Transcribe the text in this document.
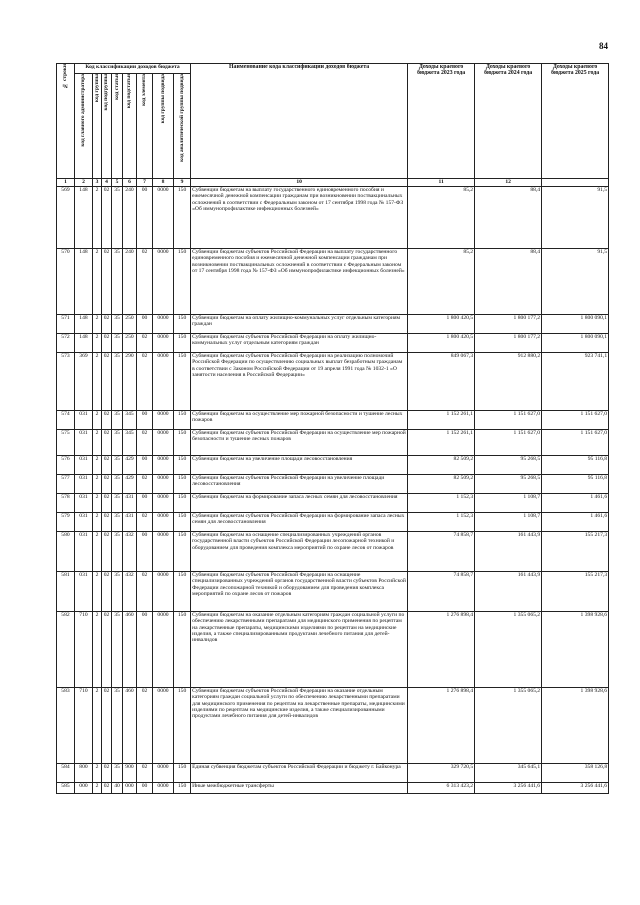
84
№ строки	Код классификации доходов бюджета								Наименование кода классификации доходов бюджета	Доходы краевого бюджета 2023 года	Доходы краевого бюджета 2024 года	Доходы краевого бюджета 2025 года

	код главного администратора	код группы	код подгруппы	код статьи	код подстатьи	код элемента	код группы подвида	код аналитической группы подвида				

1	2	3	4	5	6	7	8	9	10	11	12	
569	148	2	02	35	240	00	0000	150	Субвенции бюджетам на выплату государственного единовременного пособия и ежемесячной денежной компенсации гражданам при возникновении поствакцинальных осложнений в соответствии с Федеральным законом от 17 сентября 1998 года № 157-ФЗ «Об иммунопрофилактике инфекционных болезней»	85,2	88,4	91,5
570	148	2	02	35	240	02	0000	150	Субвенции бюджетам субъектов Российской Федерации на выплату государственного единовременного пособия и ежемесячной денежной компенсации гражданам при возникновении поствакцинальных осложнений в соответствии с Федеральным законом от 17 сентября 1998 года № 157-ФЗ «Об иммунопрофилактике инфекционных болезней»	85,2	88,4	91,5
571	148	2	02	35	250	00	0000	150	Субвенции бюджетам на оплату жилищно-коммунальных услуг отдельным категориям граждан	1 800 420,5	1 800 177,2	1 800 090,1
572	148	2	02	35	250	02	0000	150	Субвенции бюджетам субъектов Российской Федерации на оплату жилищно-коммунальных услуг отдельным категориям граждан	1 800 420,5	1 800 177,2	1 800 090,1
573	369	2	02	35	290	02	0000	150	Субвенции бюджетам субъектов Российской Федерации на реализацию полномочий Российской Федерации по осуществлению социальных выплат безработным гражданам в соответствии с Законом Российской Федерации от 19 апреля 1991 года № 1032-1 «О занятости населения в Российской Федерации»	849 067,3	912 880,2	923 741,1
574	031	2	02	35	345	00	0000	150	Субвенции бюджетам на осуществление мер пожарной безопасности и тушение лесных пожаров	1 152 261,1	1 151 627,0	1 151 627,0
575	031	2	02	35	345	02	0000	150	Субвенции бюджетам субъектов Российской Федерации на осуществление мер пожарной безопасности и тушение лесных пожаров	1 152 261,1	1 151 627,0	1 151 627,0
576	031	2	02	35	429	00	0000	150	Субвенции бюджетам на увеличение площади лесовосстановления	82 509,2	95 268,5	95 116,8
577	031	2	02	35	429	02	0000	150	Субвенции бюджетам субъектов Российской Федерации на увеличение площади лесовосстановления	82 509,2	95 268,5	95 116,8
578	031	2	02	35	431	00	0000	150	Субвенции бюджетам на формирование запаса лесных семян для лесовосстановления	1 152,3	1 108,7	1 461,6
579	031	2	02	35	431	02	0000	150	Субвенции бюджетам субъектов Российской Федерации на формирование запаса лесных семян для лесовосстановления	1 152,3	1 108,7	1 461,6
580	031	2	02	35	432	00	0000	150	Субвенции бюджетам на оснащение специализированных учреждений органов государственной власти субъектов Российской Федерации лесопожарной техникой и оборудованием для проведения комплекса мероприятий по охране лесов от пожаров	74 858,7	161 443,9	155 217,3
581	031	2	02	35	432	02	0000	150	Субвенции бюджетам субъектов Российской Федерации на оснащение специализированных учреждений органов государственной власти субъектов Российской Федерации лесопожарной техникой и оборудованием для проведения комплекса мероприятий по охране лесов от пожаров	74 858,7	161 443,9	155 217,3
582	710	2	02	35	460	00	0000	150	Субвенции бюджетам на оказание отдельным категориям граждан социальной услуги по обеспечению лекарственными препаратами для медицинского применения по рецептам на лекарственные препараты, медицинскими изделиями по рецептам на медицинские изделия, а также специализированными продуктами лечебного питания для детей-инвалидов	1 276 898,4	1 355 065,2	1 398 928,6
583	710	2	02	35	460	02	0000	150	Субвенции бюджетам субъектов Российской Федерации на оказание отдельным категориям граждан социальной услуги по обеспечению лекарственными препаратами для медицинского применения по рецептам на лекарственные препараты, медицинскими изделиями по рецептам на медицинские изделия, а также специализированными продуктами лечебного питания для детей-инвалидов	1 276 898,4	1 355 065,2	1 398 928,6
584	800	2	02	35	900	02	0000	150	Единая субвенция бюджетам субъектов Российской Федерации и бюджету г. Байконура	329 720,5	345 645,1	358 126,8
585	000	2	02	40	000	00	0000	150	Иные межбюджетные трансферты	6 313 423,2	3 256 441,6	3 256 441,6
